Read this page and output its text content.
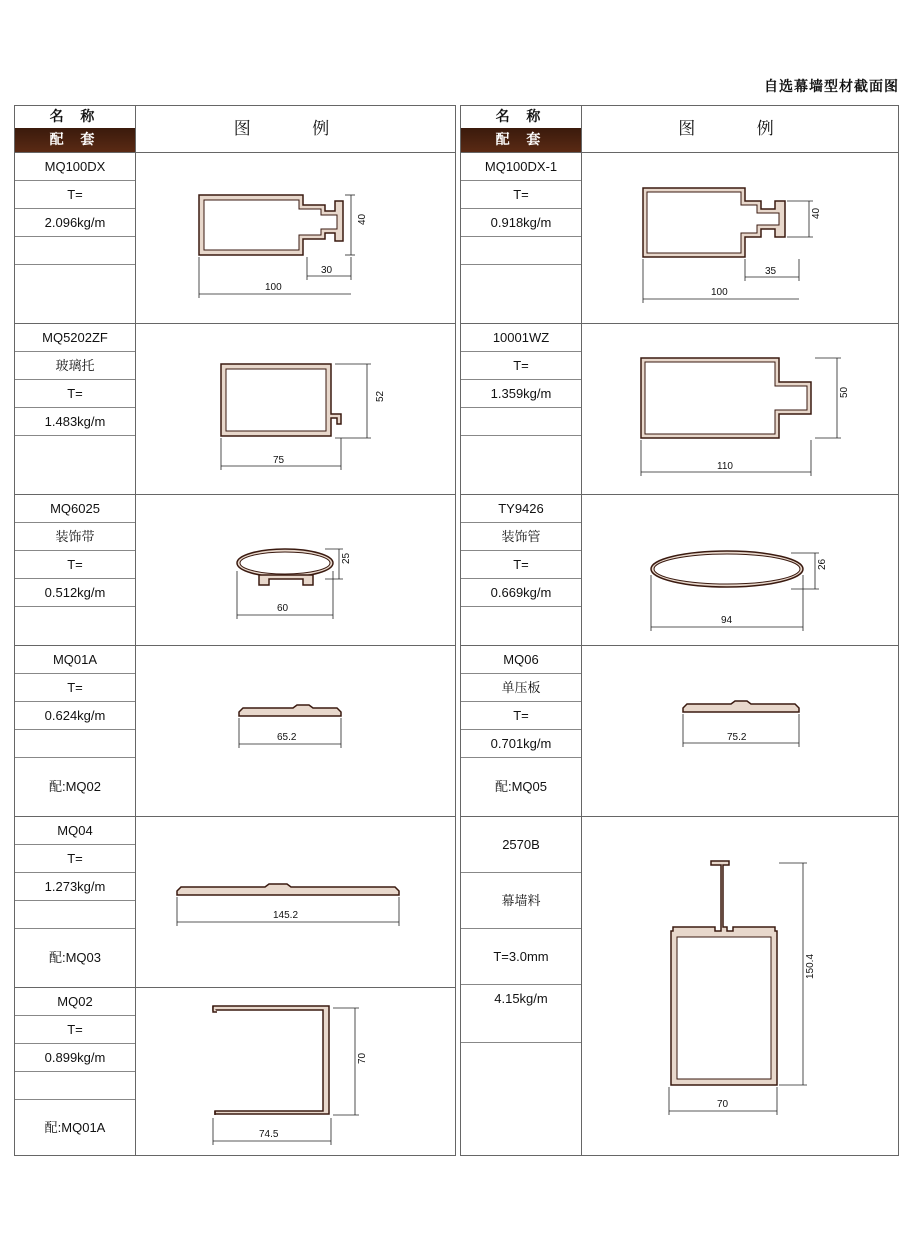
自选幕墙型材截面图
名 称
配 套
图 例
MQ100DX
T=
2.096kg/m	40
30
100
MQ5202ZF
玻璃托
T=
1.483kg/m
52
75
MQ6025
装饰带
T=
0.512kg/m
25
60
MQ01A
T=
0.624kg/m
配:MQ02
65.2
MQ04
T=
1.273kg/m
配:MQ03
145.2
MQ02
T=
0.899kg/m
配:MQ01A
70
74.5
名 称
配 套
图 例
MQ100DX-1
T=
0.918kg/m
40
35
100
10001WZ
T=
1.359kg/m	50
110
TY9426
装饰管
T=
0.669kg/m
26
94
MQ06
单压板
T=
0.701kg/m
配:MQ05
75.2
2570B
幕墙料
T=3.0mm
4.15kg/m
150.4
70
